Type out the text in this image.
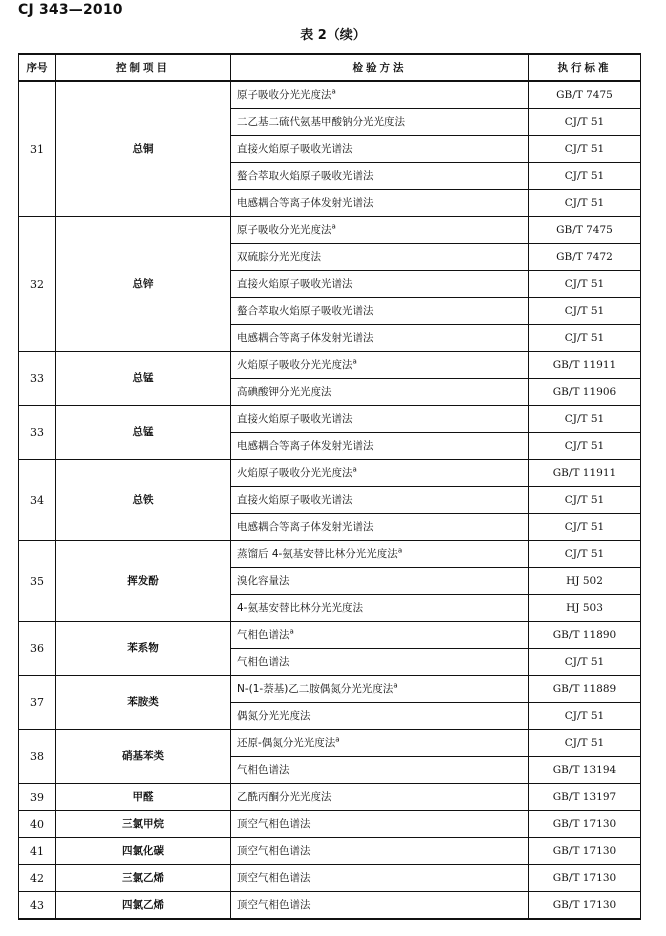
CJ 343—2010
表 2（续）
序号	控制项目	检验方法	执行标准
31	总铜	原子吸收分光光度法$^a$	GB/T 7475
		二乙基二硫代氨基甲酸钠分光光度法	CJ/T 51
		直接火焰原子吸收光谱法	CJ/T 51
		螯合萃取火焰原子吸收光谱法	CJ/T 51
		电感耦合等离子体发射光谱法	CJ/T 51
32	总锌	原子吸收分光光度法$^a$	GB/T 7475
		双硫腙分光光度法	GB/T 7472
		直接火焰原子吸收光谱法	CJ/T 51
		螯合萃取火焰原子吸收光谱法	CJ/T 51
		电感耦合等离子体发射光谱法	CJ/T 51
33	总锰	火焰原子吸收分光光度法$^a$	GB/T 11911
		高碘酸钾分光光度法	GB/T 11906
33	总锰	直接火焰原子吸收光谱法	CJ/T 51
		电感耦合等离子体发射光谱法	CJ/T 51
34	总铁	火焰原子吸收分光光度法$^a$	GB/T 11911
		直接火焰原子吸收光谱法	CJ/T 51
		电感耦合等离子体发射光谱法	CJ/T 51
35	挥发酚	蒸馏后 4-氨基安替比林分光光度法$^a$	CJ/T 51
		溴化容量法	HJ 502
		4-氨基安替比林分光光度法	HJ 503
36	苯系物	气相色谱法$^a$	GB/T 11890
		气相色谱法	CJ/T 51
37	苯胺类	N-(1-萘基)乙二胺偶氮分光光度法$^a$	GB/T 11889
		偶氮分光光度法	CJ/T 51
38	硝基苯类	还原-偶氮分光光度法$^a$	CJ/T 51
		气相色谱法	GB/T 13194
39	甲醛	乙酰丙酮分光光度法	GB/T 13197
40	三氯甲烷	顶空气相色谱法	GB/T 17130
41	四氯化碳	顶空气相色谱法	GB/T 17130
42	三氯乙烯	顶空气相色谱法	GB/T 17130
43	四氯乙烯	顶空气相色谱法	GB/T 17130
